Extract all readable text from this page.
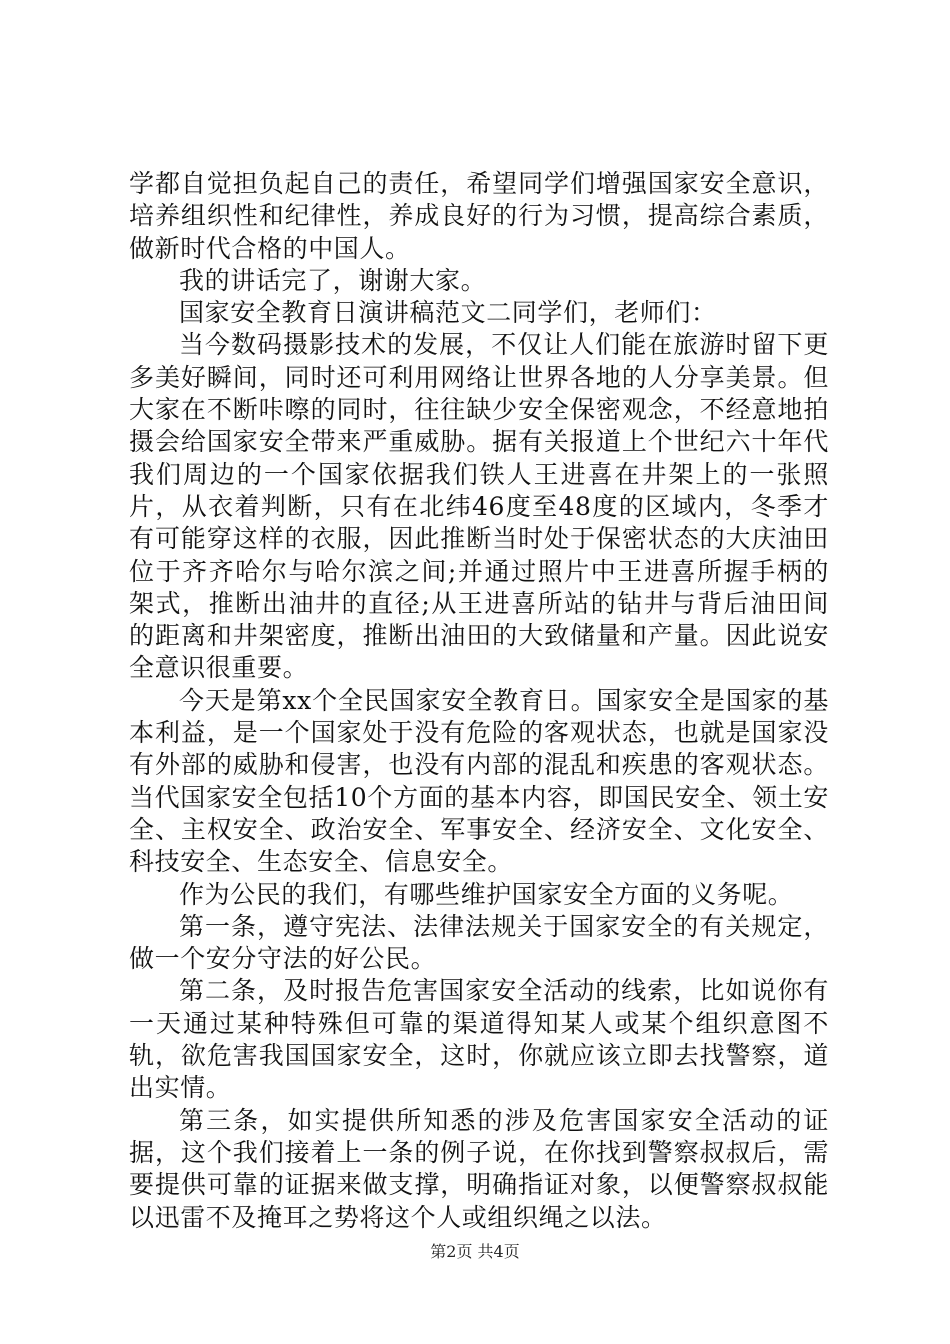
学都自觉担负起自己的责任，希望同学们增强国家安全意识，培养组织性和纪律性，养成良好的行为习惯，提高综合素质，做新时代合格的中国人。

我的讲话完了，谢谢大家。

国家安全教育日演讲稿范文二同学们，老师们：

当今数码摄影技术的发展，不仅让人们能在旅游时留下更多美好瞬间，同时还可利用网络让世界各地的人分享美景。但大家在不断咔嚓的同时，往往缺少安全保密观念，不经意地拍摄会给国家安全带来严重威胁。据有关报道上个世纪六十年代我们周边的一个国家依据我们铁人王进喜在井架上的一张照片，从衣着判断，只有在北纬46度至48度的区域内，冬季才有可能穿这样的衣服，因此推断当时处于保密状态的大庆油田位于齐齐哈尔与哈尔滨之间;并通过照片中王进喜所握手柄的架式，推断出油井的直径;从王进喜所站的钻井与背后油田间的距离和井架密度，推断出油田的大致储量和产量。因此说安全意识很重要。

今天是第xx个全民国家安全教育日。国家安全是国家的基本利益，是一个国家处于没有危险的客观状态，也就是国家没有外部的威胁和侵害，也没有内部的混乱和疾患的客观状态。当代国家安全包括10个方面的基本内容，即国民安全、领土安全、主权安全、政治安全、军事安全、经济安全、文化安全、科技安全、生态安全、信息安全。

作为公民的我们，有哪些维护国家安全方面的义务呢。

第一条，遵守宪法、法律法规关于国家安全的有关规定，做一个安分守法的好公民。

第二条，及时报告危害国家安全活动的线索，比如说你有一天通过某种特殊但可靠的渠道得知某人或某个组织意图不轨，欲危害我国国家安全，这时，你就应该立即去找警察，道出实情。

第三条，如实提供所知悉的涉及危害国家安全活动的证据，这个我们接着上一条的例子说，在你找到警察叔叔后，需要提供可靠的证据来做支撑，明确指证对象，以便警察叔叔能以迅雷不及掩耳之势将这个人或组织绳之以法。

第2页 共4页
